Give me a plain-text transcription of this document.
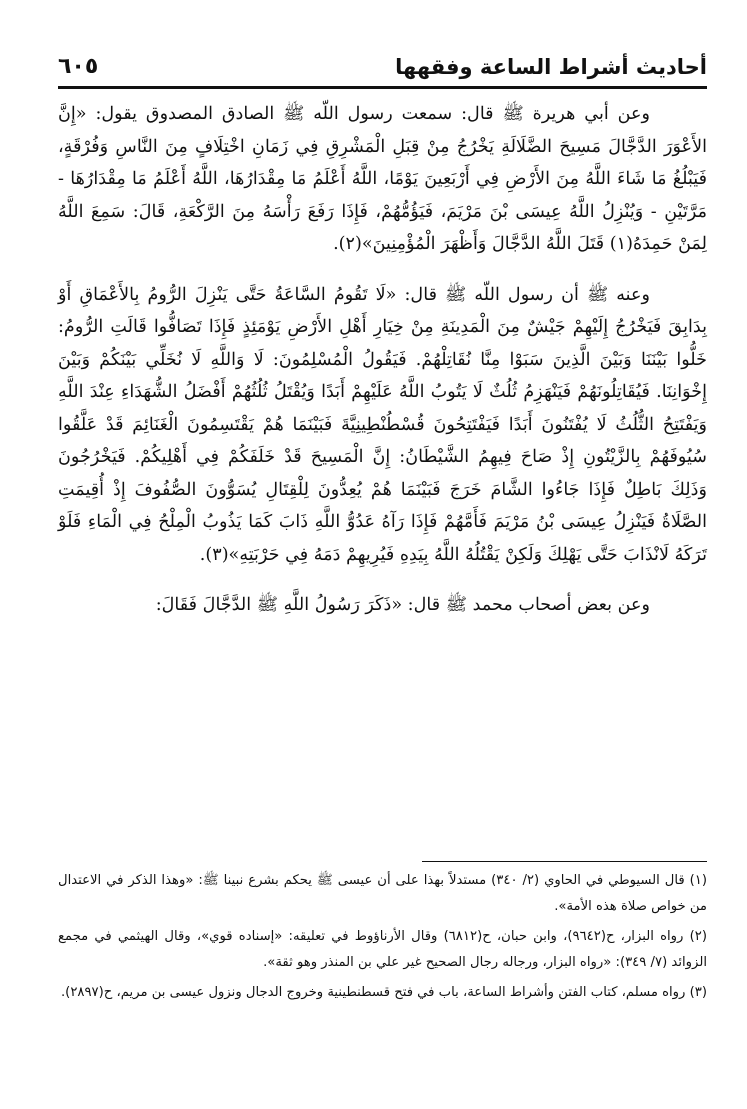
أحاديث أشراط الساعة وفقهها
٦٠٥

وعن أبي هريرة ﷺ قال: سمعت رسول اللّه ﷺ الصادق المصدوق يقول: «إِنَّ الأَعْوَرَ الدَّجَّالَ مَسِيحَ الضَّلَالَةِ يَخْرُجُ مِنْ قِبَلِ الْمَشْرِقِ فِي زَمَانِ اخْتِلَافٍ مِنَ النَّاسِ وَفُرْقَةٍ، فَيَبْلُغُ مَا شَاءَ اللَّهُ مِنَ الأَرْضِ فِي أَرْبَعِينَ يَوْمًا، اللَّهُ أَعْلَمُ مَا مِقْدَارُهَا، اللَّهُ أَعْلَمُ مَا مِقْدَارُهَا - مَرَّتَيْنِ - وَيُنْزِلُ اللَّهُ عِيسَى بْنَ مَرْيَمَ، فَيَؤُمُّهُمْ، فَإِذَا رَفَعَ رَأْسَهُ مِنَ الرَّكْعَةِ، قَالَ: سَمِعَ اللَّهُ لِمَنْ حَمِدَهُ(١) قَتَلَ اللَّهُ الدَّجَّالَ وَأَظْهَرَ الْمُؤْمِنِينَ»(٢).

وعنه ﷺ أن رسول اللّه ﷺ قال: «لَا تَقُومُ السَّاعَةُ حَتَّى يَنْزِلَ الرُّومُ بِالأَعْمَاقِ أَوْ بِدَابِقَ فَيَخْرُجُ إِلَيْهِمْ جَيْشٌ مِنَ الْمَدِينَةِ مِنْ خِيَارِ أَهْلِ الأَرْضِ يَوْمَئِذٍ فَإِذَا تَصَافُّوا قَالَتِ الرُّومُ: خَلُّوا بَيْنَنَا وَبَيْنَ الَّذِينَ سَبَوْا مِنَّا نُقَاتِلْهُمْ. فَيَقُولُ الْمُسْلِمُونَ: لَا وَاللَّهِ لَا نُخَلِّي بَيْنَكُمْ وَبَيْنَ إِخْوَانِنَا. فَيُقَاتِلُونَهُمْ فَيَنْهَزِمُ ثُلُثٌ لَا يَتُوبُ اللَّهُ عَلَيْهِمْ أَبَدًا وَيُقْتَلُ ثُلُثُهُمْ أَفْضَلُ الشُّهَدَاءِ عِنْدَ اللَّهِ وَيَفْتَتِحُ الثُّلُثُ لَا يُفْتَنُونَ أَبَدًا فَيَفْتَتِحُونَ قُسْطُنْطِينِيَّةَ فَبَيْنَمَا هُمْ يَقْتَسِمُونَ الْغَنَائِمَ قَدْ عَلَّقُوا سُيُوفَهُمْ بِالزَّيْتُونِ إِذْ صَاحَ فِيهِمُ الشَّيْطَانُ: إِنَّ الْمَسِيحَ قَدْ خَلَفَكُمْ فِي أَهْلِيكُمْ. فَيَخْرُجُونَ وَذَلِكَ بَاطِلٌ فَإِذَا جَاءُوا الشَّامَ خَرَجَ فَبَيْنَمَا هُمْ يُعِدُّونَ لِلْقِتَالِ يُسَوُّونَ الصُّفُوفَ إِذْ أُقِيمَتِ الصَّلَاةُ فَيَنْزِلُ عِيسَى بْنُ مَرْيَمَ فَأَمَّهُمْ فَإِذَا رَآهُ عَدُوُّ اللَّهِ ذَابَ كَمَا يَذُوبُ الْمِلْحُ فِي الْمَاءِ فَلَوْ تَرَكَهُ لَانْذَابَ حَتَّى يَهْلِكَ وَلَكِنْ يَقْتُلُهُ اللَّهُ بِيَدِهِ فَيُرِيهِمْ دَمَهُ فِي حَرْبَتِهِ»(٣).

وعن بعض أصحاب محمد ﷺ قال: «ذَكَرَ رَسُولُ اللَّهِ ﷺ الدَّجَّالَ فَقَالَ:

(١) قال السيوطي في الحاوي (٢/ ٣٤٠) مستدلاً بهذا على أن عيسى ﷺ يحكم بشرع نبينا ﷺ: «وهذا الذكر في الاعتدال من خواص صلاة هذه الأمة».

(٢) رواه البزار، ح(٩٦٤٢)، وابن حبان، ح(٦٨١٢) وقال الأرناؤوط في تعليقه: «إسناده قوي»، وقال الهيثمي في مجمع الزوائد (٧/ ٣٤٩): «رواه البزار، ورجاله رجال الصحيح غير علي بن المنذر وهو ثقة».

(٣) رواه مسلم، كتاب الفتن وأشراط الساعة، باب في فتح قسطنطينية وخروج الدجال ونزول عيسى بن مريم، ح(٢٨٩٧).
